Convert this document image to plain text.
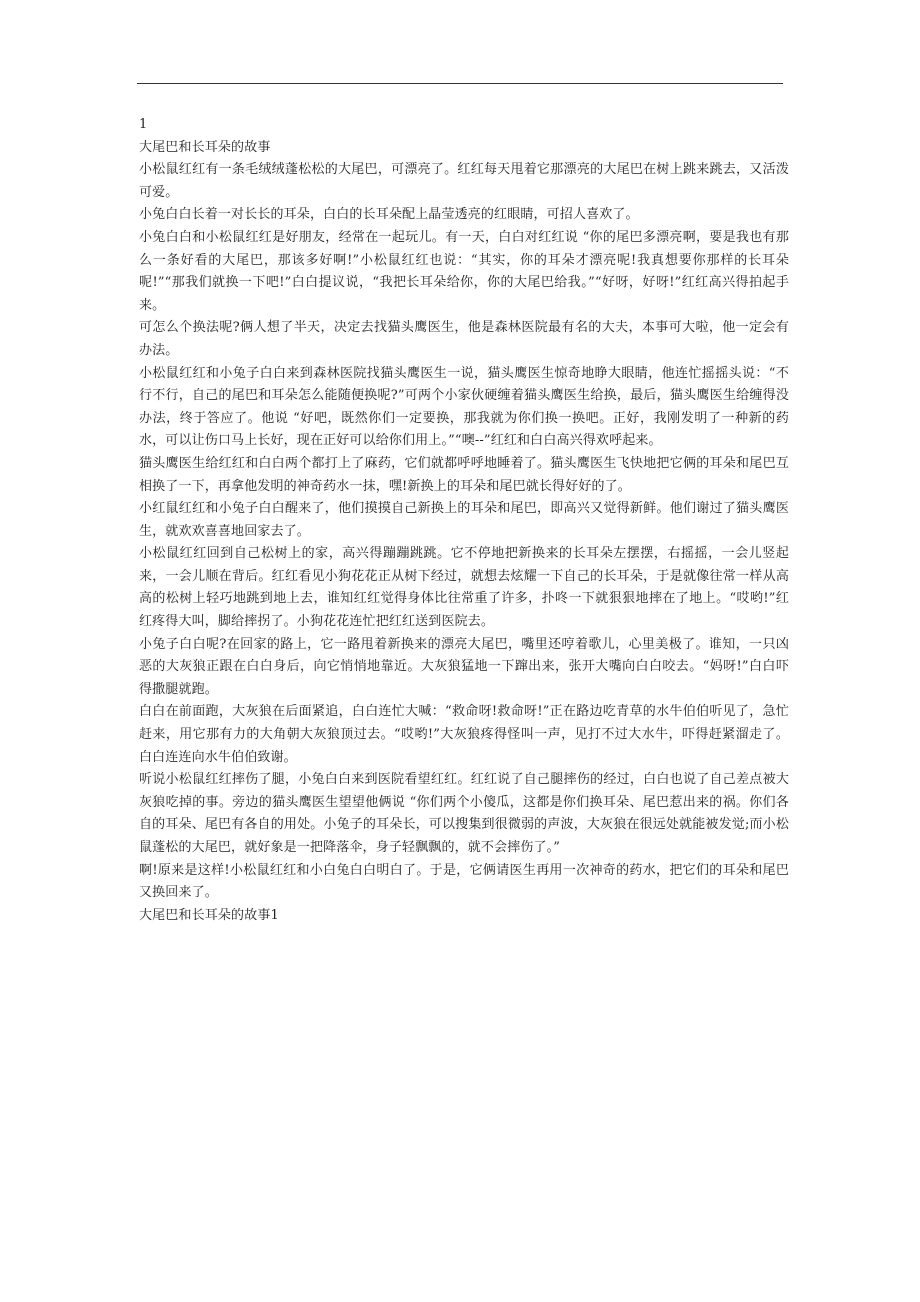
1

大尾巴和长耳朵的故事

小松鼠红红有一条毛绒绒蓬松松的大尾巴，可漂亮了。红红每天甩着它那漂亮的大尾巴在树上跳来跳去，又活泼可爱。

小兔白白长着一对长长的耳朵，白白的长耳朵配上晶莹透亮的红眼睛，可招人喜欢了。

小兔白白和小松鼠红红是好朋友，经常在一起玩儿。有一天，白白对红红说 “你的尾巴多漂亮啊，要是我也有那么一条好看的大尾巴，那该多好啊!”小松鼠红红也说：“其实，你的耳朵才漂亮呢!我真想要你那样的长耳朵呢!”“那我们就换一下吧!”白白提议说，“我把长耳朵给你，你的大尾巴给我。”“好呀，好呀!”红红高兴得拍起手来。

可怎么个换法呢?俩人想了半天，决定去找猫头鹰医生，他是森林医院最有名的大夫，本事可大啦，他一定会有办法。

小松鼠红红和小兔子白白来到森林医院找猫头鹰医生一说，猫头鹰医生惊奇地睁大眼睛，他连忙摇摇头说：“不行不行，自己的尾巴和耳朵怎么能随便换呢?”可两个小家伙硬缠着猫头鹰医生给换，最后，猫头鹰医生给缠得没办法，终于答应了。他说 “好吧，既然你们一定要换，那我就为你们换一换吧。正好，我刚发明了一种新的药水，可以让伤口马上长好，现在正好可以给你们用上。”“噢--”红红和白白高兴得欢呼起来。

猫头鹰医生给红红和白白两个都打上了麻药，它们就都呼呼地睡着了。猫头鹰医生飞快地把它俩的耳朵和尾巴互相换了一下，再拿他发明的神奇药水一抹，嘿!新换上的耳朵和尾巴就长得好好的了。

小红鼠红红和小兔子白白醒来了，他们摸摸自己新换上的耳朵和尾巴，即高兴又觉得新鲜。他们谢过了猫头鹰医生，就欢欢喜喜地回家去了。

小松鼠红红回到自己松树上的家，高兴得蹦蹦跳跳。它不停地把新换来的长耳朵左摆摆，右摇摇，一会儿竖起来，一会儿顺在背后。红红看见小狗花花正从树下经过，就想去炫耀一下自己的长耳朵，于是就像往常一样从高高的松树上轻巧地跳到地上去，谁知红红觉得身体比往常重了许多，扑咚一下就狠狠地摔在了地上。“哎哟!”红红疼得大叫，脚给摔拐了。小狗花花连忙把红红送到医院去。

小兔子白白呢?在回家的路上，它一路甩着新换来的漂亮大尾巴，嘴里还哼着歌儿，心里美极了。谁知，一只凶恶的大灰狼正跟在白白身后，向它悄悄地靠近。大灰狼猛地一下蹿出来，张开大嘴向白白咬去。“妈呀!”白白吓得撒腿就跑。

白白在前面跑，大灰狼在后面紧追，白白连忙大喊：“救命呀!救命呀!”正在路边吃青草的水牛伯伯听见了，急忙赶来，用它那有力的大角朝大灰狼顶过去。“哎哟!”大灰狼疼得怪叫一声，见打不过大水牛，吓得赶紧溜走了。白白连连向水牛伯伯致谢。

听说小松鼠红红摔伤了腿，小兔白白来到医院看望红红。红红说了自己腿摔伤的经过，白白也说了自己差点被大灰狼吃掉的事。旁边的猫头鹰医生望望他俩说 “你们两个小傻瓜，这都是你们换耳朵、尾巴惹出来的祸。你们各自的耳朵、尾巴有各自的用处。小兔子的耳朵长，可以搜集到很微弱的声波，大灰狼在很远处就能被发觉;而小松鼠蓬松的大尾巴，就好象是一把降落伞，身子轻飘飘的，就不会摔伤了。”

啊!原来是这样!小松鼠红红和小白兔白白明白了。于是，它俩请医生再用一次神奇的药水，把它们的耳朵和尾巴又换回来了。

大尾巴和长耳朵的故事1
